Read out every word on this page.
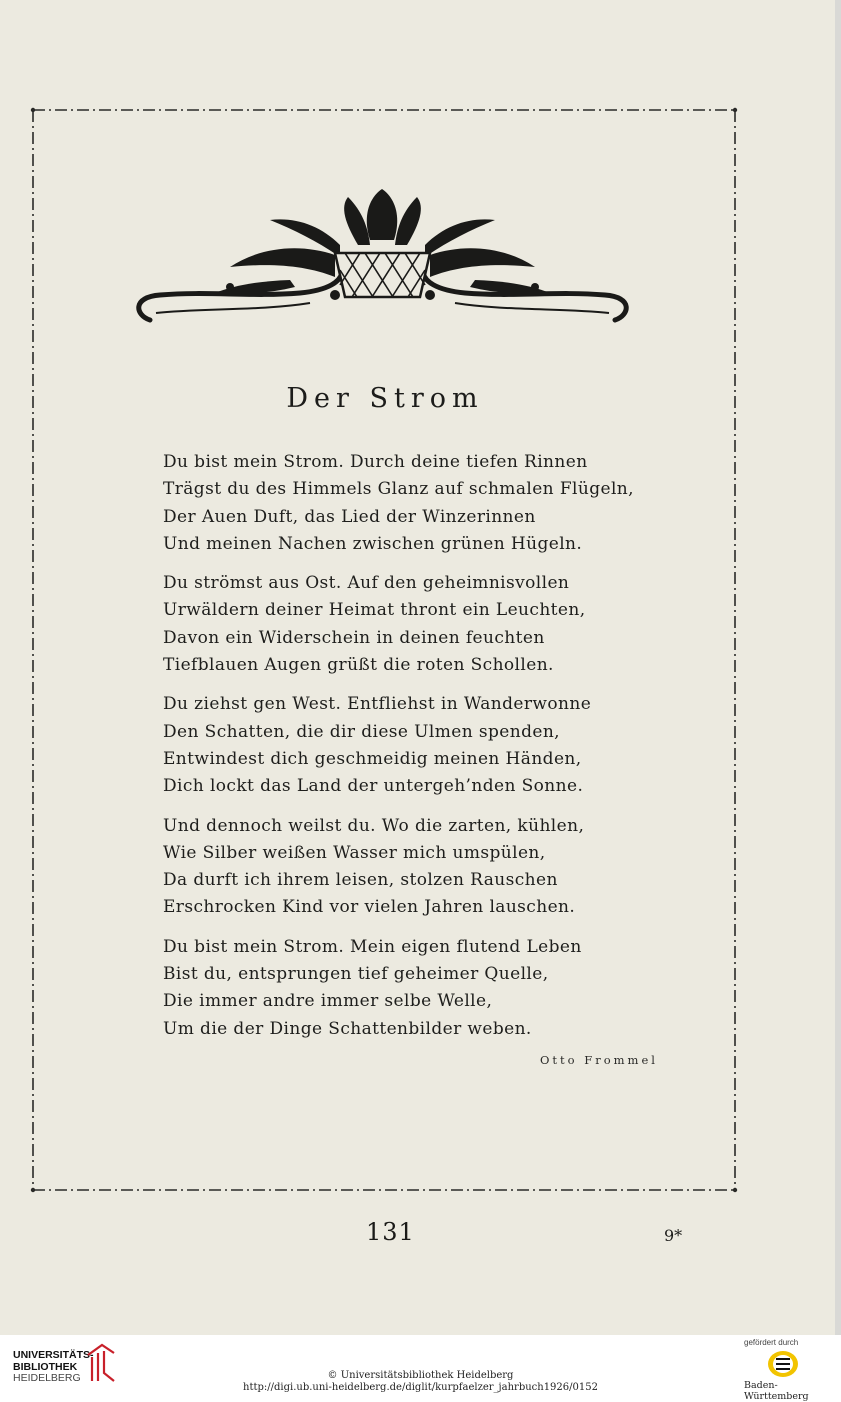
Der Strom
Du bist mein Strom. Durch deine tiefen Rinnen
Trägst du des Himmels Glanz auf schmalen Flügeln,
Der Auen Duft, das Lied der Winzerinnen
Und meinen Nachen zwischen grünen Hügeln.
Du strömst aus Ost. Auf den geheimnisvollen
Urwäldern deiner Heimat thront ein Leuchten,
Davon ein Widerschein in deinen feuchten
Tiefblauen Augen grüßt die roten Schollen.
Du ziehst gen West. Entfliehst in Wanderwonne
Den Schatten, die dir diese Ulmen spenden,
Entwindest dich geschmeidig meinen Händen,
Dich lockt das Land der untergeh’nden Sonne.
Und dennoch weilst du. Wo die zarten, kühlen,
Wie Silber weißen Wasser mich umspülen,
Da durft ich ihrem leisen, stolzen Rauschen
Erschrocken Kind vor vielen Jahren lauschen.
Du bist mein Strom. Mein eigen flutend Leben
Bist du, entsprungen tief geheimer Quelle,
Die immer andre immer selbe Welle,
Um die der Dinge Schattenbilder weben.
Otto Frommel
131	9*
UNIVERSITÄTS-
BIBLIOTHEK
HEIDELBERG	© Universitätsbibliothek Heidelberg
http://digi.ub.uni-heidelberg.de/diglit/kurpfaelzer_jahrbuch1926/0152
gefördert durch
Baden-Württemberg
